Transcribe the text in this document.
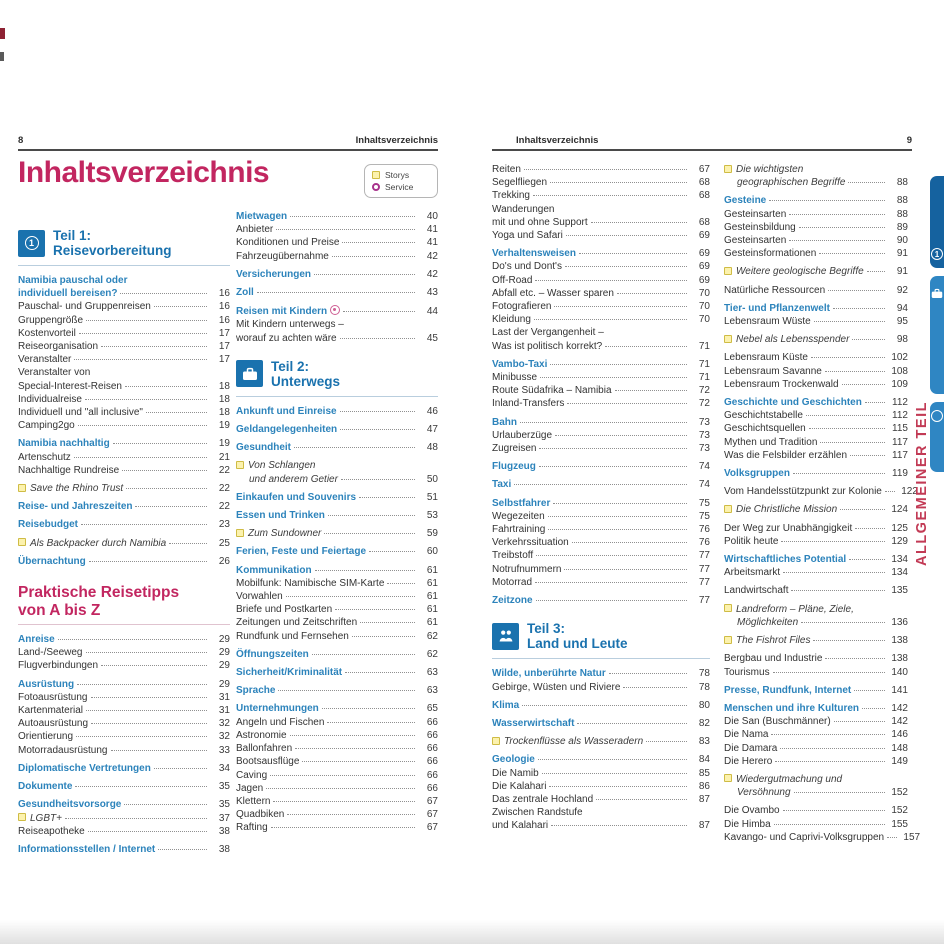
8	Inhaltsverzeichnis	Inhaltsverzeichnis	9
Inhaltsverzeichnis
1	Teil 1:
Reisevorbereitung
Namibia pauschal oder
individuell bereisen?	16
Pauschal- und Gruppenreisen	16
Gruppengröße	16
Kostenvorteil	17
Reiseorganisation	17
Veranstalter	17
Veranstalter von
Special-Interest-Reisen	18
Individualreise	18
Individuell und "all inclusive"	18
Camping2go	19
Namibia nachhaltig	19
Artenschutz	21
Nachhaltige Rundreise	22
Save the Rhino Trust	22
Reise- und Jahreszeiten	22
Reisebudget	23
Als Backpacker durch Namibia	25
Übernachtung	26
Praktische Reisetipps
von A bis Z
Anreise	29
Land-/Seeweg	29
Flugverbindungen	29
Ausrüstung	29
Fotoausrüstung	31
Kartenmaterial	31
Autoausrüstung	32
Orientierung	32
Motorradausrüstung	33
Diplomatische Vertretungen	34
Dokumente	35
Gesundheitsvorsorge	35
LGBT+	37
Reiseapotheke	38
Informationsstellen / Internet	38
Storys
Service
Mietwagen	40
Anbieter	41
Konditionen und Preise	41
Fahrzeugübernahme	42
Versicherungen	42
Zoll	43
Reisen mit Kindern	44
Mit Kindern unterwegs –
worauf zu achten wäre	45
Teil 2:
Unterwegs
Ankunft und Einreise	46
Geldangelegenheiten	47
Gesundheit	48
Von Schlangen
und anderem Getier	50
Einkaufen und Souvenirs	51
Essen und Trinken	53
Zum Sundowner	59
Ferien, Feste und Feiertage	60
Kommunikation	61
Mobilfunk: Namibische SIM-Karte	61
Vorwahlen	61
Briefe und Postkarten	61
Zeitungen und Zeitschriften	61
Rundfunk und Fernsehen	62
Öffnungszeiten	62
Sicherheit/Kriminalität	63
Sprache	63
Unternehmungen	65
Angeln und Fischen	66
Astronomie	66
Ballonfahren	66
Bootsausflüge	66
Caving	66
Jagen	66
Klettern	67
Quadbiken	67
Rafting	67
Reiten	67
Segelfliegen	68
Trekking	68
Wanderungen
mit und ohne Support	68
Yoga und Safari	69
Verhaltensweisen	69
Do's und Dont's	69
Off-Road	69
Abfall etc. – Wasser sparen	70
Fotografieren	70
Kleidung	70
Last der Vergangenheit –
Was ist politisch korrekt?	71
Vambo-Taxi	71
Minibusse	71
Route Südafrika – Namibia	72
Inland-Transfers	72
Bahn	73
Urlauberzüge	73
Zugreisen	73
Flugzeug	74
Taxi	74
Selbstfahrer	75
Wegezeiten	75
Fahrtraining	76
Verkehrssituation	76
Treibstoff	77
Notrufnummern	77
Motorrad	77
Zeitzone	77
Teil 3:
Land und Leute
Wilde, unberührte Natur	78
Gebirge, Wüsten und Riviere	78
Klima	80
Wasserwirtschaft	82
Trockenflüsse als Wasseradern	83
Geologie	84
Die Namib	85
Die Kalahari	86
Das zentrale Hochland	87
Zwischen Randstufe
und Kalahari	87
Die wichtigsten
geographischen Begriffe	88
Gesteine	88
Gesteinsarten	88
Gesteinsbildung	89
Gesteinsarten	90
Gesteinsformationen	91
Weitere geologische Begriffe	91
Natürliche Ressourcen	92
Tier- und Pflanzenwelt	94
Lebensraum Wüste	95
Nebel als Lebensspender	98
Lebensraum Küste	102
Lebensraum Savanne	108
Lebensraum Trockenwald	109
Geschichte und Geschichten	112
Geschichtstabelle	112
Geschichtsquellen	115
Mythen und Tradition	117
Was die Felsbilder erzählen	117
Volksgruppen	119
Vom Handelsstützpunkt zur Kolonie	122
Die Christliche Mission	124
Der Weg zur Unabhängigkeit	125
Politik heute	129
Wirtschaftliches Potential	134
Arbeitsmarkt	134
Landwirtschaft	135
Landreform – Pläne, Ziele,
Möglichkeiten	136
The Fishrot Files	138
Bergbau und Industrie	138
Tourismus	140
Presse, Rundfunk, Internet	141
Menschen und ihre Kulturen	142
Die San (Buschmänner)	142
Die Nama	146
Die Damara	148
Die Herero	149
Wiedergutmachung und
Versöhnung	152
Die Ovambo	152
Die Himba	155
Kavango- und Caprivi-Volksgruppen	157
1
ALLGEMEINER TEIL
